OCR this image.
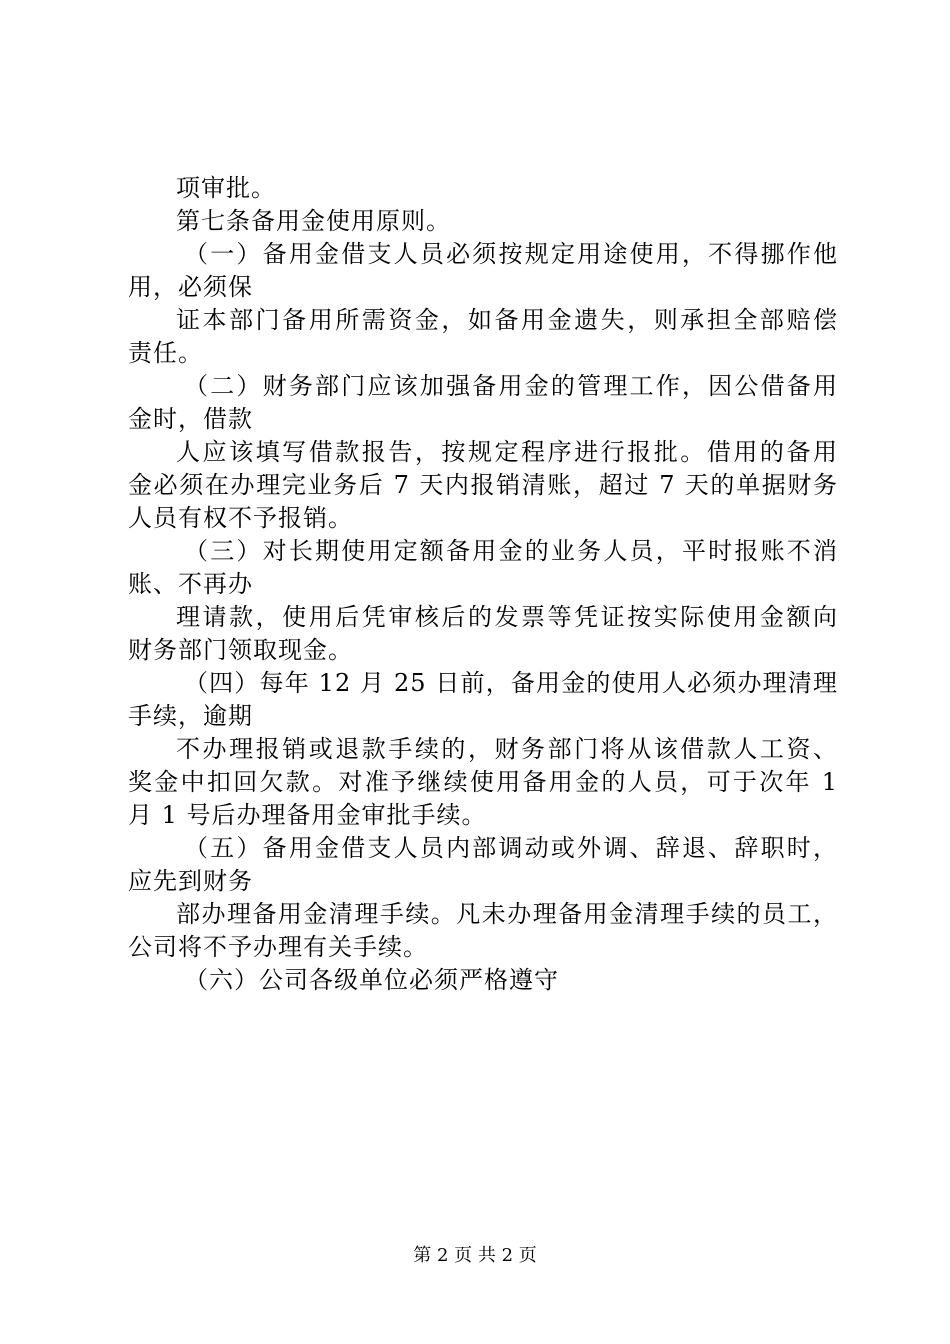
项审批。
第七条备用金使用原则。
（一）备用金借支人员必须按规定用途使用，不得挪作他
用，必须保
证本部门备用所需资金，如备用金遗失，则承担全部赔偿
责任。
（二）财务部门应该加强备用金的管理工作，因公借备用
金时，借款
人应该填写借款报告，按规定程序进行报批。借用的备用
金必须在办理完业务后 7 天内报销清账，超过 7 天的单据财务
人员有权不予报销。
（三）对长期使用定额备用金的业务人员，平时报账不消
账、不再办
理请款，使用后凭审核后的发票等凭证按实际使用金额向
财务部门领取现金。
（四）每年 12 月 25 日前，备用金的使用人必须办理清理
手续，逾期
不办理报销或退款手续的，财务部门将从该借款人工资、
奖金中扣回欠款。对准予继续使用备用金的人员，可于次年 1
月 1 号后办理备用金审批手续。
（五）备用金借支人员内部调动或外调、辞退、辞职时，
应先到财务
部办理备用金清理手续。凡未办理备用金清理手续的员工，
公司将不予办理有关手续。
（六）公司各级单位必须严格遵守
第 2 页 共 2 页
